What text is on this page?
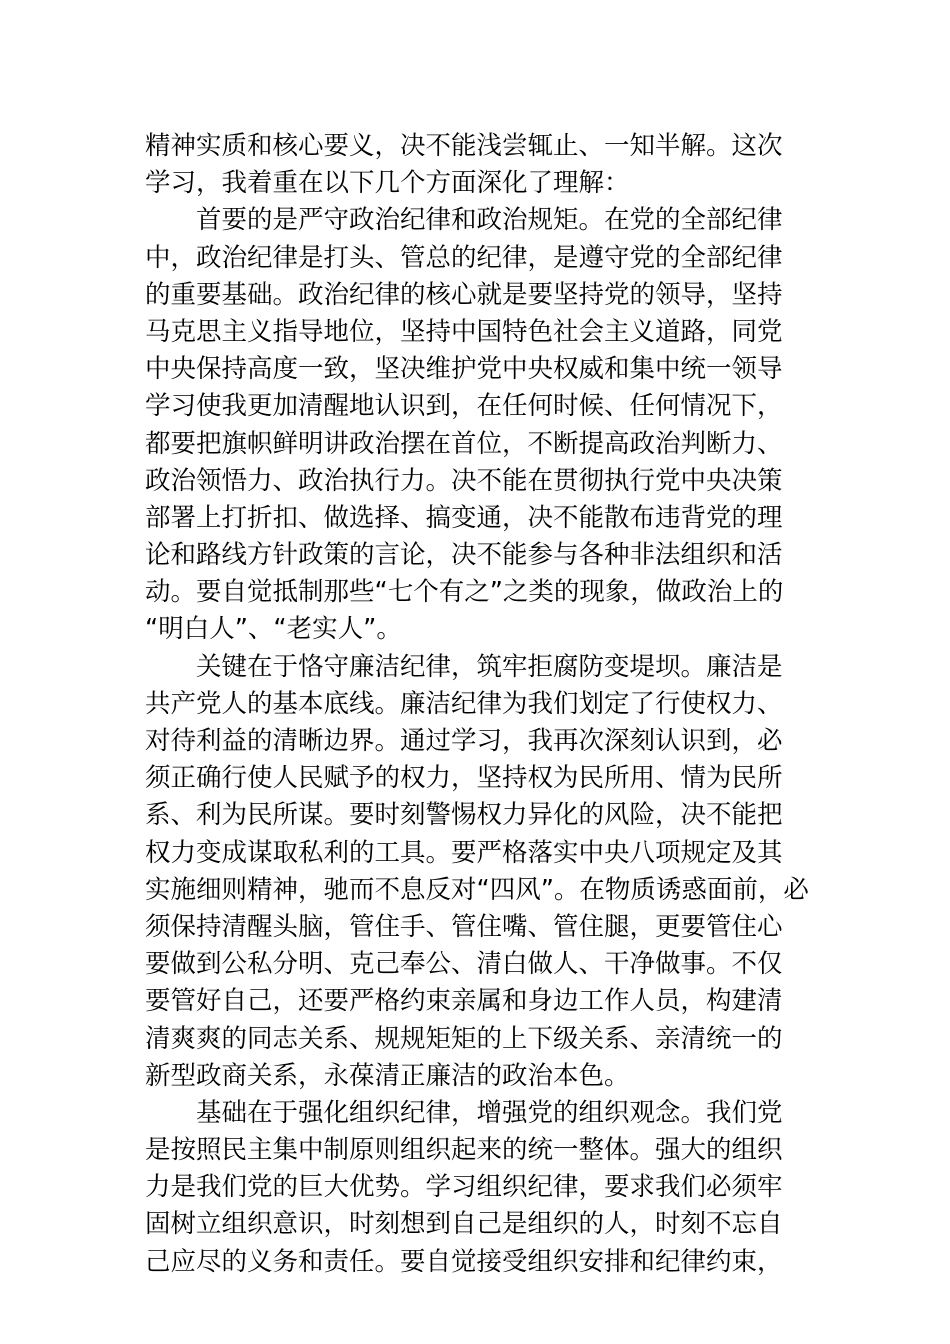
精神实质和核心要义，决不能浅尝辄止、一知半解。这次
学习，我着重在以下几个方面深化了理解：
首要的是严守政治纪律和政治规矩。在党的全部纪律
中，政治纪律是打头、管总的纪律，是遵守党的全部纪律
的重要基础。政治纪律的核心就是要坚持党的领导，坚持
马克思主义指导地位，坚持中国特色社会主义道路，同党
中央保持高度一致，坚决维护党中央权威和集中统一领导
学习使我更加清醒地认识到，在任何时候、任何情况下，
都要把旗帜鲜明讲政治摆在首位，不断提高政治判断力、
政治领悟力、政治执行力。决不能在贯彻执行党中央决策
部署上打折扣、做选择、搞变通，决不能散布违背党的理
论和路线方针政策的言论，决不能参与各种非法组织和活
动。要自觉抵制那些“七个有之”之类的现象，做政治上的
“明白人”、“老实人”。
关键在于恪守廉洁纪律，筑牢拒腐防变堤坝。廉洁是
共产党人的基本底线。廉洁纪律为我们划定了行使权力、
对待利益的清晰边界。通过学习，我再次深刻认识到，必
须正确行使人民赋予的权力，坚持权为民所用、情为民所
系、利为民所谋。要时刻警惕权力异化的风险，决不能把
权力变成谋取私利的工具。要严格落实中央八项规定及其
实施细则精神，驰而不息反对“四风”。在物质诱惑面前，必
须保持清醒头脑，管住手、管住嘴、管住腿，更要管住心
要做到公私分明、克己奉公、清白做人、干净做事。不仅
要管好自己，还要严格约束亲属和身边工作人员，构建清
清爽爽的同志关系、规规矩矩的上下级关系、亲清统一的
新型政商关系，永葆清正廉洁的政治本色。
基础在于强化组织纪律，增强党的组织观念。我们党
是按照民主集中制原则组织起来的统一整体。强大的组织
力是我们党的巨大优势。学习组织纪律，要求我们必须牢
固树立组织意识，时刻想到自己是组织的人，时刻不忘自
己应尽的义务和责任。要自觉接受组织安排和纪律约束，
